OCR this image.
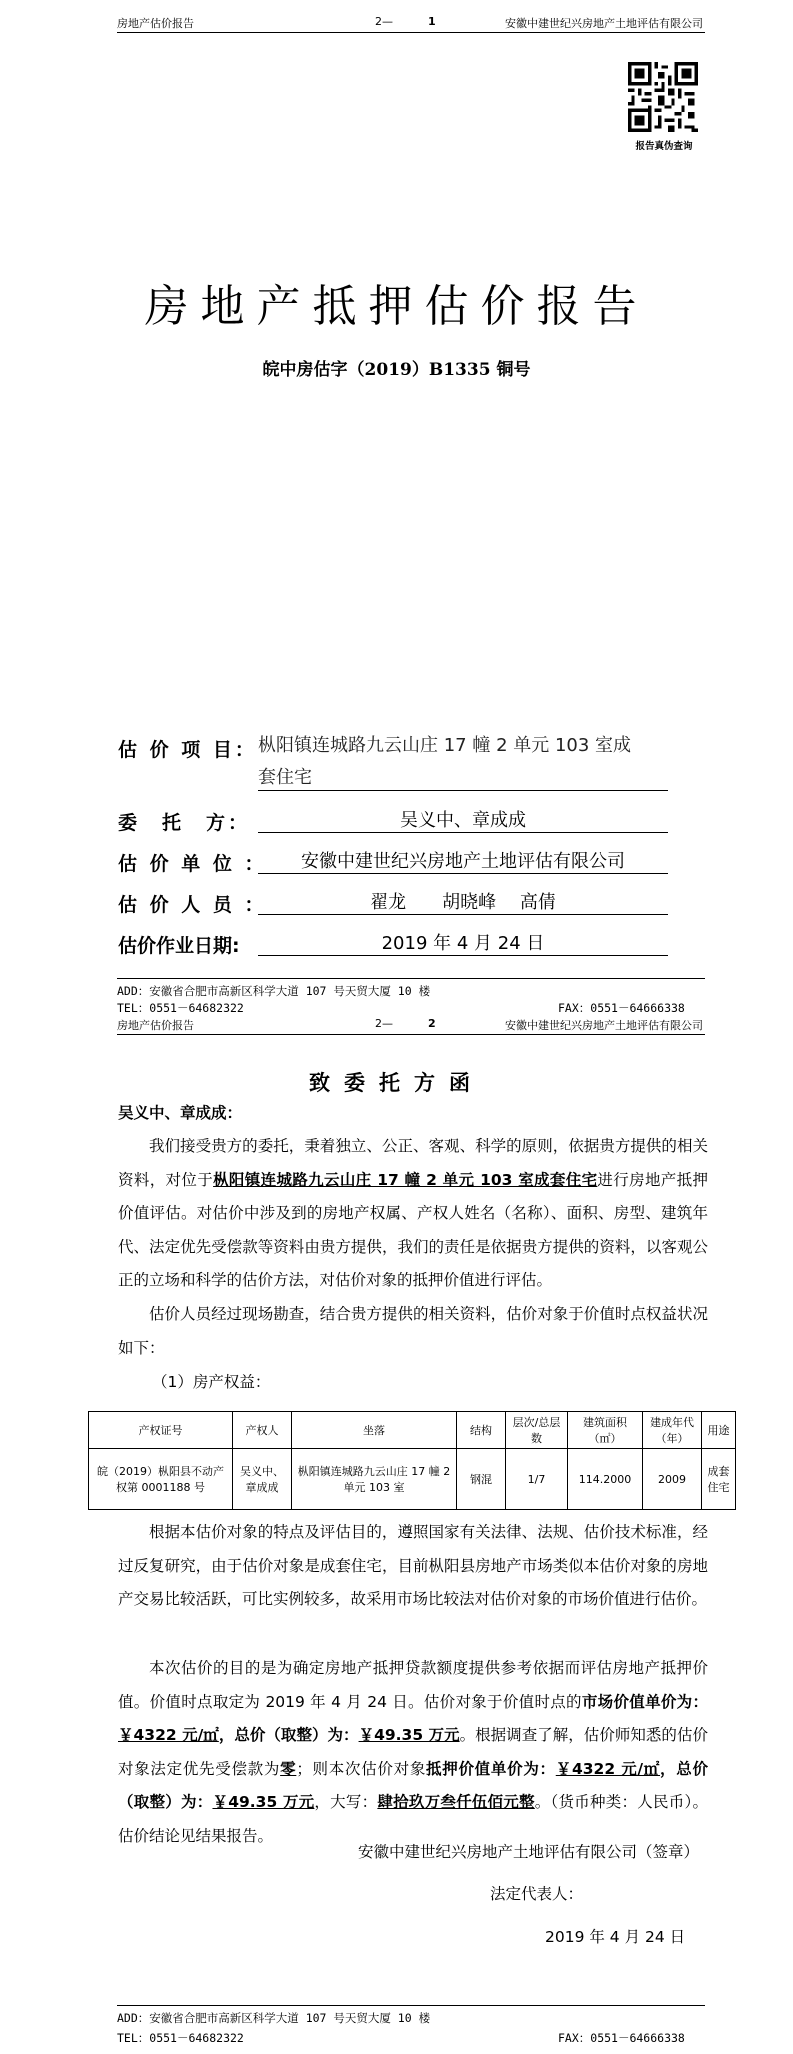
房地产估价报告	2—	1	安徽中建世纪兴房地产土地评估有限公司
报告真伪查询
房地产抵押估价报告
皖中房估字（2019）B1335 铜号
估 价 项 目： 枞阳镇连城路九云山庄 17 幢 2 单元 103 室成
套住宅
委　托　方：	吴义中、章成成
估 价 单 位 ：	安徽中建世纪兴房地产土地评估有限公司
估 价 人 员 ：	翟龙　　胡晓峰　 高倩
估价作业日期:	2019 年 4 月 24 日
ADD：安徽省合肥市高新区科学大道 107 号天贸大厦 10 楼
TEL：0551－64682322	FAX：0551－64666338
房地产估价报告	2—	2	安徽中建世纪兴房地产土地评估有限公司
致委托方函
吴义中、章成成：
我们接受贵方的委托，秉着独立、公正、客观、科学的原则，依据贵方提供的相关资料，对位于枞阳镇连城路九云山庄 17 幢 2 单元 103 室成套住宅进行房地产抵押价值评估。对估价中涉及到的房地产权属、产权人姓名（名称）、面积、房型、建筑年代、法定优先受偿款等资料由贵方提供，我们的责任是依据贵方提供的资料，以客观公正的立场和科学的估价方法，对估价对象的抵押价值进行评估。
估价人员经过现场勘查，结合贵方提供的相关资料，估价对象于价值时点权益状况如下：
（1）房产权益：
产权证号	产权人	坐落	结构	层次/总层数	建筑面积（㎡）	建成年代（年）	用途
皖（2019）枞阳县不动产权第 0001188 号	吴义中、章成成	枞阳镇连城路九云山庄 17 幢 2 单元 103 室	钢混	1/7	114.2000	2009	成套住宅
根据本估价对象的特点及评估目的，遵照国家有关法律、法规、估价技术标准，经过反复研究，由于估价对象是成套住宅，目前枞阳县房地产市场类似本估价对象的房地产交易比较活跃，可比实例较多，故采用市场比较法对估价对象的市场价值进行估价。
本次估价的目的是为确定房地产抵押贷款额度提供参考依据而评估房地产抵押价值。价值时点取定为 2019 年 4 月 24 日。估价对象于价值时点的市场价值单价为：￥4322 元/㎡，总价（取整）为：￥49.35 万元。根据调查了解，估价师知悉的估价对象法定优先受偿款为零；则本次估价对象抵押价值单价为：￥4322 元/㎡，总价（取整）为：￥49.35 万元，大写：肆拾玖万叁仟伍佰元整。（货币种类：人民币）。估价结论见结果报告。
安徽中建世纪兴房地产土地评估有限公司（签章）
法定代表人：
2019 年 4 月 24 日
ADD：安徽省合肥市高新区科学大道 107 号天贸大厦 10 楼
TEL：0551－64682322	FAX：0551－64666338
